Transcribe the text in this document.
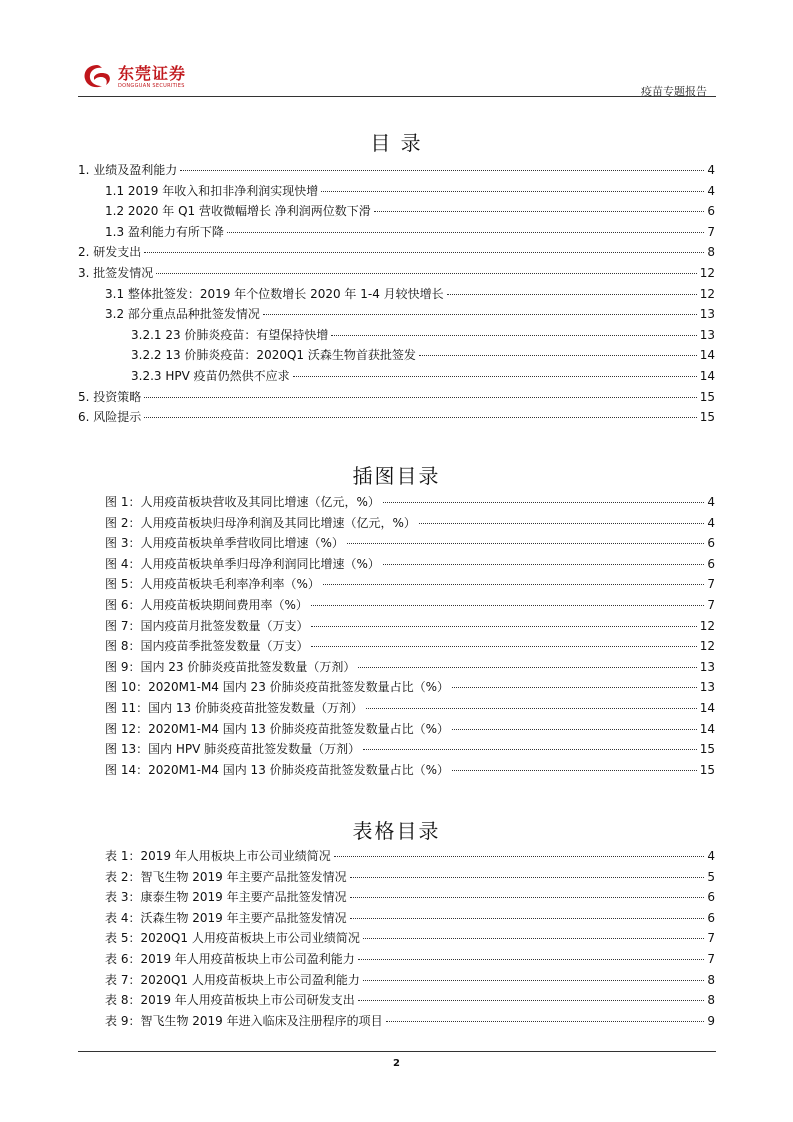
东莞证券
DONGGUAN SECURITIES	疫苗专题报告
目 录
1. 业绩及盈利能力	4
1.1 2019 年收入和扣非净利润实现快增	4
1.2 2020 年 Q1 营收微幅增长 净利润两位数下滑	6
1.3 盈利能力有所下降	7
2. 研发支出	8
3. 批签发情况	12
3.1 整体批签发：2019 年个位数增长 2020 年 1-4 月较快增长	12
3.2 部分重点品种批签发情况	13
3.2.1 23 价肺炎疫苗：有望保持快增	13
3.2.2 13 价肺炎疫苗：2020Q1 沃森生物首获批签发	14
3.2.3 HPV 疫苗仍然供不应求	14
5. 投资策略	15
6. 风险提示	15
插图目录
图 1：人用疫苗板块营收及其同比增速（亿元，%）	4
图 2：人用疫苗板块归母净利润及其同比增速（亿元，%）	4
图 3：人用疫苗板块单季营收同比增速（%）	6
图 4：人用疫苗板块单季归母净利润同比增速（%）	6
图 5：人用疫苗板块毛利率净利率（%）	7
图 6：人用疫苗板块期间费用率（%）	7
图 7：国内疫苗月批签发数量（万支）	12
图 8：国内疫苗季批签发数量（万支）	12
图 9：国内 23 价肺炎疫苗批签发数量（万剂）	13
图 10：2020M1-M4 国内 23 价肺炎疫苗批签发数量占比（%）	13
图 11：国内 13 价肺炎疫苗批签发数量（万剂）	14
图 12：2020M1-M4 国内 13 价肺炎疫苗批签发数量占比（%）	14
图 13：国内 HPV 肺炎疫苗批签发数量（万剂）	15
图 14：2020M1-M4 国内 13 价肺炎疫苗批签发数量占比（%）	15
表格目录
表 1：2019 年人用板块上市公司业绩简况	4
表 2：智飞生物 2019 年主要产品批签发情况	5
表 3：康泰生物 2019 年主要产品批签发情况	6
表 4：沃森生物 2019 年主要产品批签发情况	6
表 5：2020Q1 人用疫苗板块上市公司业绩简况	7
表 6：2019 年人用疫苗板块上市公司盈利能力	7
表 7：2020Q1 人用疫苗板块上市公司盈利能力	8
表 8：2019 年人用疫苗板块上市公司研发支出	8
表 9：智飞生物 2019 年进入临床及注册程序的项目	9
2
